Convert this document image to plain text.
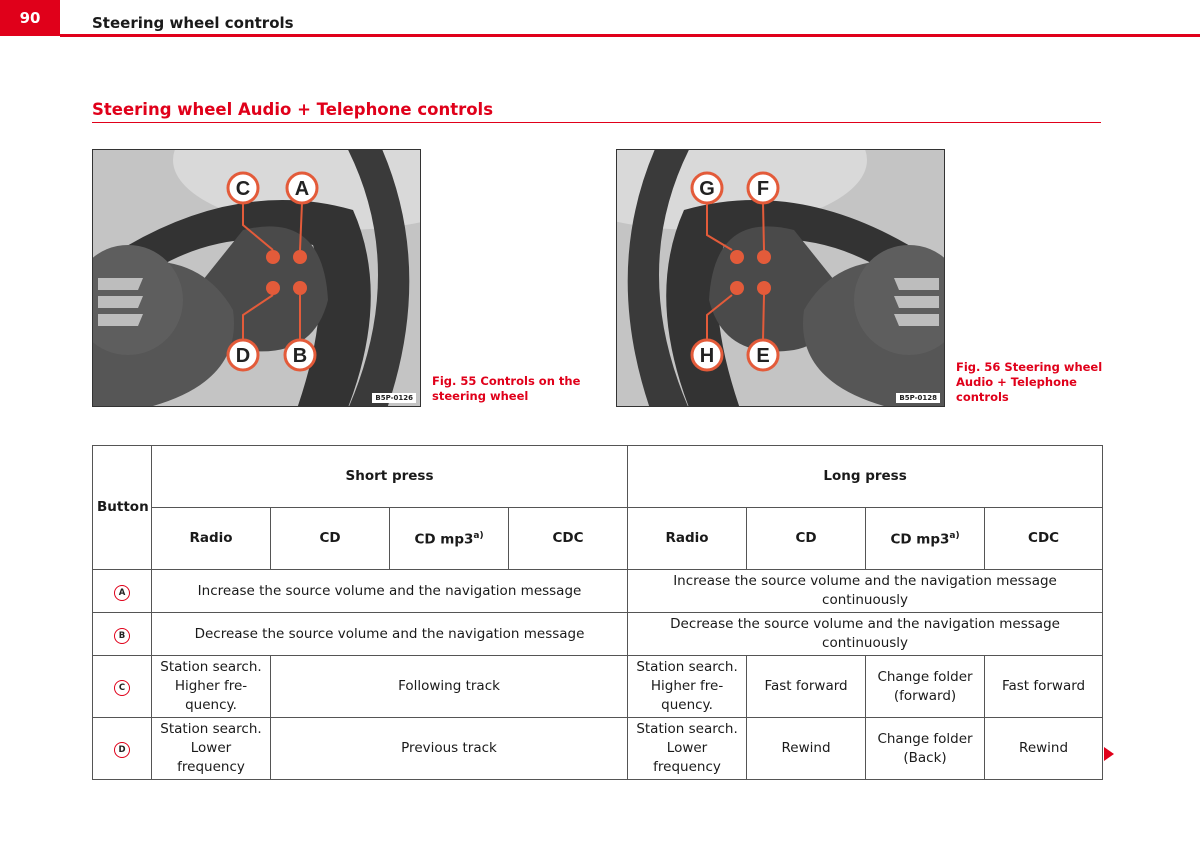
90	Steering wheel controls
Steering wheel Audio + Telephone controls
C A
D B
B5P-0126
Fig. 55 Controls on the steering wheel
G F
H E
B5P-0128
Fig. 56 Steering wheel Audio + Telephone controls
Button	Short press				Long press			
	Radio	CD	CD mp3$^{a)}$	CDC	Radio	CD	CD mp3$^{a)}$	CDC
A	Increase the source volume and the navigation message				Increase the source volume and the navigation message continuously			
B	Decrease the source volume and the navigation message				Decrease the source volume and the navigation message continuously			
C	Station search. Higher fre-quency.	Following track			Station search. Higher fre-quency.	Fast forward	Change folder (forward)	Fast forward
D	Station search. Lower frequency	Previous track			Station search. Lower frequency	Rewind	Change folder (Back)	Rewind
